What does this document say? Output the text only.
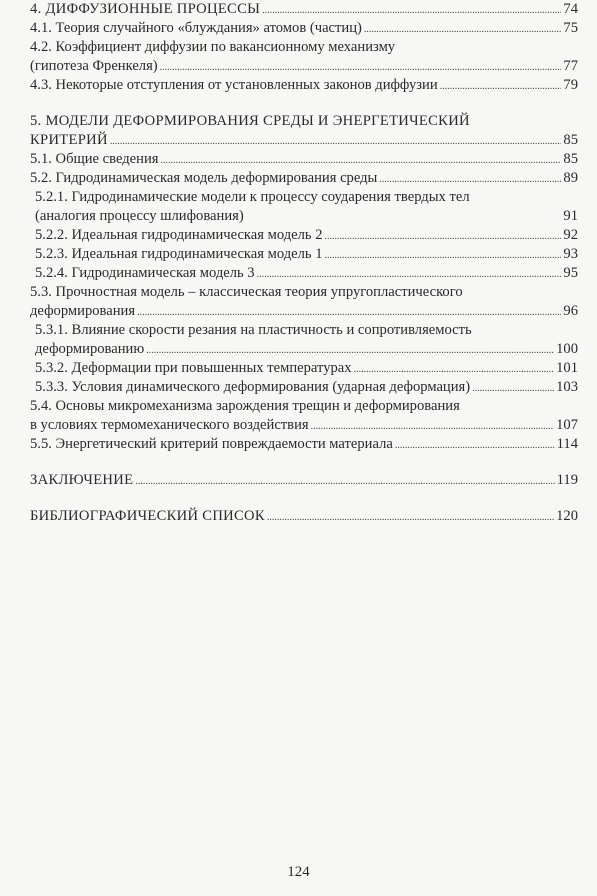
4. ДИФФУЗИОННЫЕ ПРОЦЕССЫ .....	74
4.1. Теория случайного «блуждания» атомов (частиц) .....	75
4.2. Коэффициент диффузии по вакансионному механизму
(гипотеза Френкеля) .....	77
4.3. Некоторые отступления от установленных законов диффузии .....	79
5. МОДЕЛИ ДЕФОРМИРОВАНИЯ СРЕДЫ И ЭНЕРГЕТИЧЕСКИЙ
КРИТЕРИЙ .....	85
5.1. Общие сведения .....	85
5.2. Гидродинамическая модель деформирования среды .....	89
5.2.1. Гидродинамические модели к процессу соударения твердых тел
(аналогия процессу шлифования)	91
5.2.2. Идеальная гидродинамическая модель 2 .....	92
5.2.3. Идеальная гидродинамическая модель 1 .....	93
5.2.4. Гидродинамическая модель 3 .....	95
5.3. Прочностная модель – классическая теория упругопластического
деформирования .....	96
5.3.1. Влияние скорости резания на пластичность и сопротивляемость
деформированию .....	100
5.3.2. Деформации при повышенных температурах .....	101
5.3.3. Условия динамического деформирования (ударная деформация) .....	103
5.4. Основы микромеханизма зарождения трещин и деформирования
в условиях термомеханического воздействия .....	107
5.5. Энергетический критерий повреждаемости материала .....	114
ЗАКЛЮЧЕНИЕ .....	119
БИБЛИОГРАФИЧЕСКИЙ СПИСОК .....	120
124
